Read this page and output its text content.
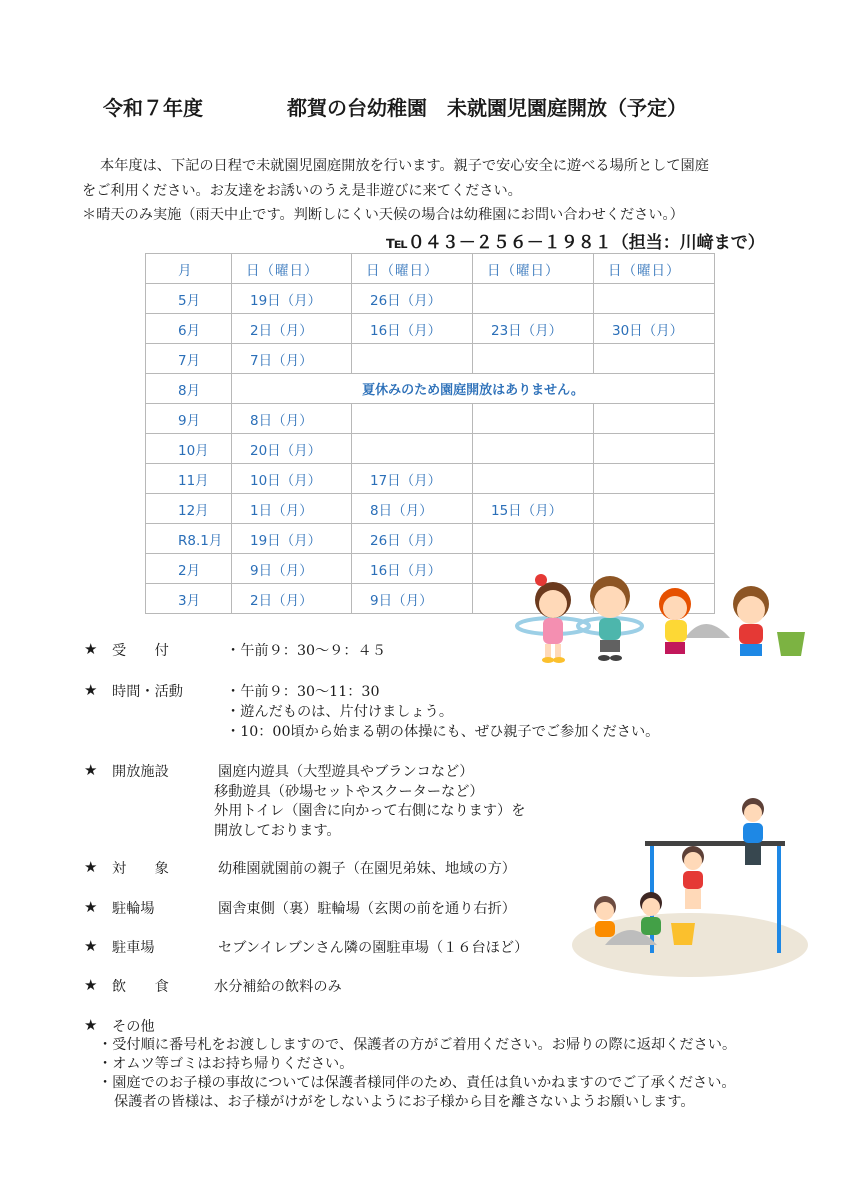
令和７年度	都賀の台幼稚園　未就園児園庭開放（予定）
本年度は、下記の日程で未就園児園庭開放を行います。親子で安心安全に遊べる場所として園庭
をご利用ください。お友達をお誘いのうえ是非遊びに来てください。
＊晴天のみ実施（雨天中止です。判断しにくい天候の場合は幼稚園にお問い合わせください。）
℡０４３－２５６－１９８１（担当：川﨑まで）
月	日（曜日）	日（曜日）	日（曜日）	日（曜日）
5月	19日（月）	26日（月）		
6月	2日（月）	16日（月）	23日（月）	30日（月）
7月	7日（月）			
8月	夏休みのため園庭開放はありません。			
9月	8日（月）			
10月	20日（月）			
11月	10日（月）	17日（月）		
12月	1日（月）	8日（月）	15日（月）	
R8.1月	19日（月）	26日（月）		
2月	9日（月）	16日（月）		
3月	2日（月）	9日（月）		
★ 受　　付	・午前９：30～９：４５
★ 時間・活動	・午前９：30～11：30
・遊んだものは、片付けましょう。
・10：00頃から始まる朝の体操にも、ぜひ親子でご参加ください。
★ 開放施設	園庭内遊具（大型遊具やブランコなど）
移動遊具（砂場セットやスクーターなど）
外用トイレ（園舎に向かって右側になります）を
開放しております。
★ 対　　象	幼稚園就園前の親子（在園児弟妹、地域の方）
★ 駐輪場	園舎東側（裏）駐輪場（玄関の前を通り右折）
★ 駐車場	セブンイレブンさん隣の園駐車場（１６台ほど）
★ 飲　　食	水分補給の飲料のみ
★ その他
・受付順に番号札をお渡ししますので、保護者の方がご着用ください。お帰りの際に返却ください。
・オムツ等ゴミはお持ち帰りください。
・園庭でのお子様の事故については保護者様同伴のため、責任は負いかねますのでご了承ください。
保護者の皆様は、お子様がけがをしないようにお子様から目を離さないようお願いします。
